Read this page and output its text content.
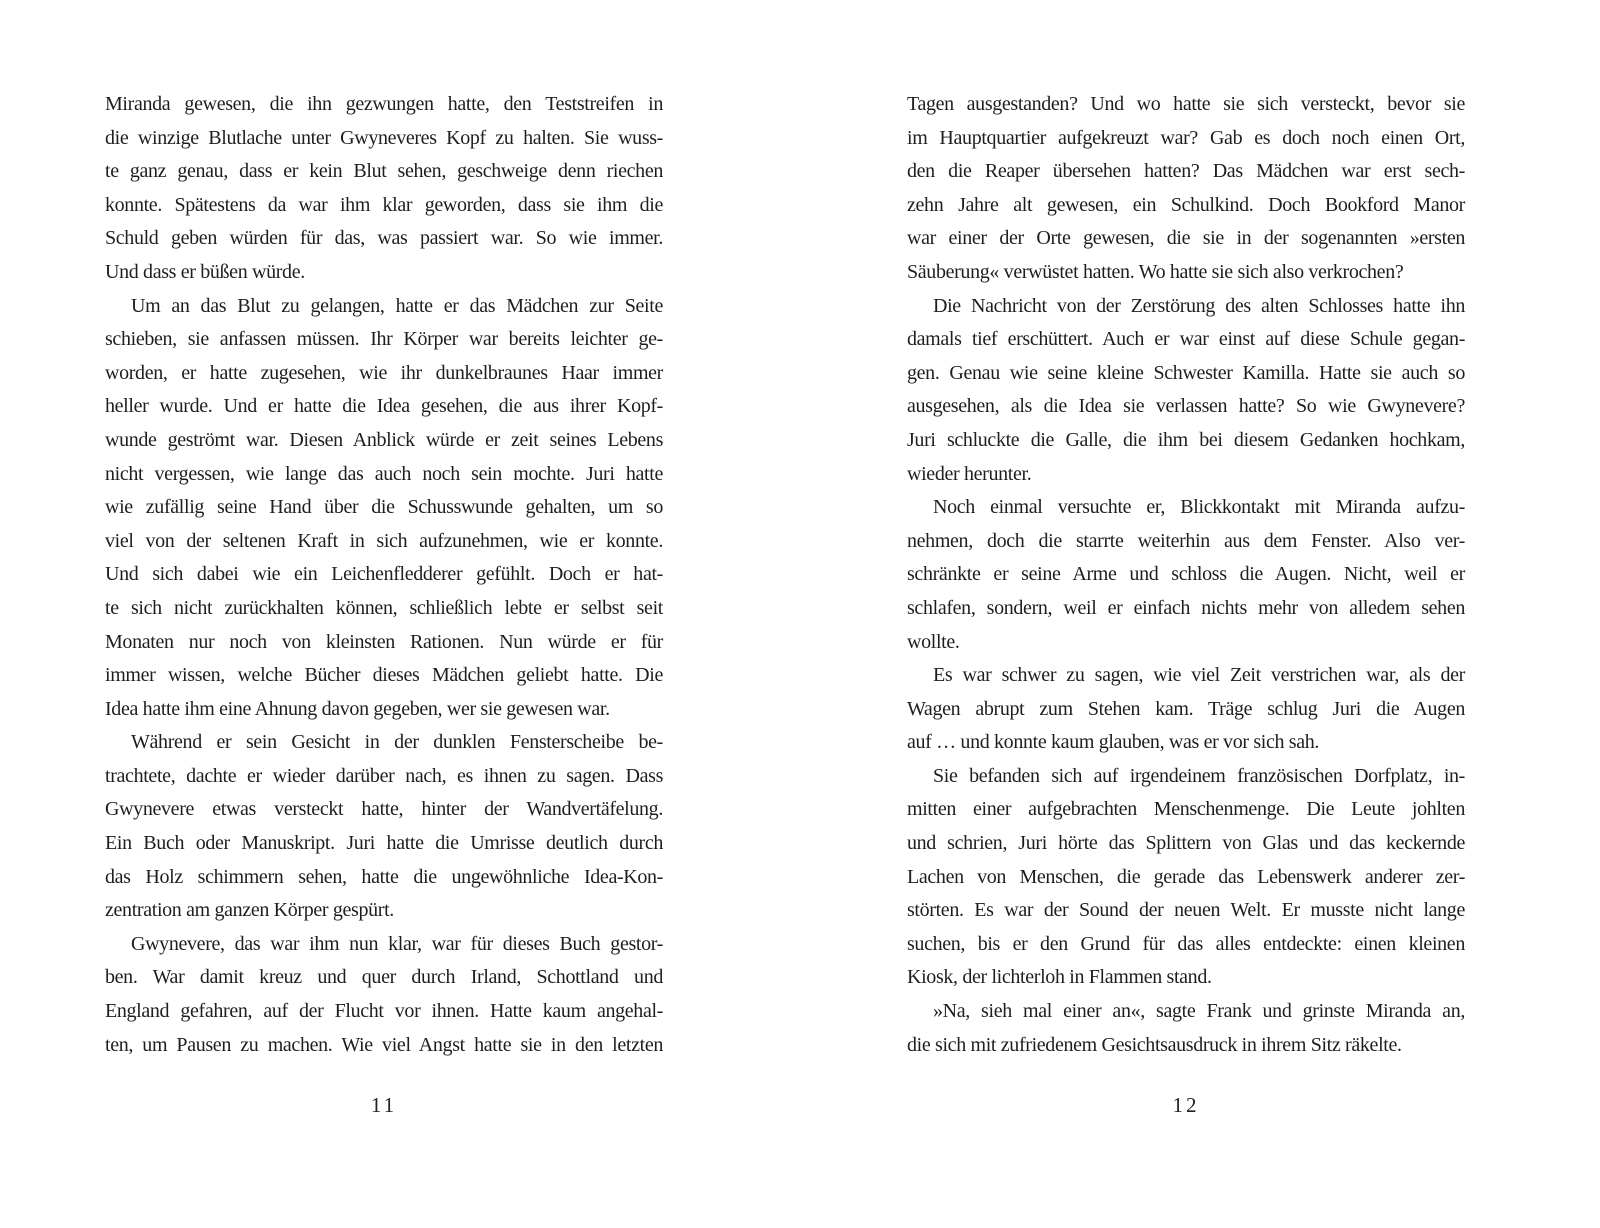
Miranda gewesen, die ihn gezwungen hatte, den Teststreifen in
die winzige Blutlache unter Gwyneveres Kopf zu halten. Sie wuss-
te ganz genau, dass er kein Blut sehen, geschweige denn riechen
konnte. Spätestens da war ihm klar geworden, dass sie ihm die
Schuld geben würden für das, was passiert war. So wie immer.
Und dass er büßen würde.
Um an das Blut zu gelangen, hatte er das Mädchen zur Seite
schieben, sie anfassen müssen. Ihr Körper war bereits leichter ge-
worden, er hatte zugesehen, wie ihr dunkelbraunes Haar immer
heller wurde. Und er hatte die Idea gesehen, die aus ihrer Kopf-
wunde geströmt war. Diesen Anblick würde er zeit seines Lebens
nicht vergessen, wie lange das auch noch sein mochte. Juri hatte
wie zufällig seine Hand über die Schusswunde gehalten, um so
viel von der seltenen Kraft in sich aufzunehmen, wie er konnte.
Und sich dabei wie ein Leichenfledderer gefühlt. Doch er hat-
te sich nicht zurückhalten können, schließlich lebte er selbst seit
Monaten nur noch von kleinsten Rationen. Nun würde er für
immer wissen, welche Bücher dieses Mädchen geliebt hatte. Die
Idea hatte ihm eine Ahnung davon gegeben, wer sie gewesen war.
Während er sein Gesicht in der dunklen Fensterscheibe be-
trachtete, dachte er wieder darüber nach, es ihnen zu sagen. Dass
Gwynevere etwas versteckt hatte, hinter der Wandvertäfelung.
Ein Buch oder Manuskript. Juri hatte die Umrisse deutlich durch
das Holz schimmern sehen, hatte die ungewöhnliche Idea-Kon-
zentration am ganzen Körper gespürt.
Gwynevere, das war ihm nun klar, war für dieses Buch gestor-
ben. War damit kreuz und quer durch Irland, Schottland und
England gefahren, auf der Flucht vor ihnen. Hatte kaum angehal-
ten, um Pausen zu machen. Wie viel Angst hatte sie in den letzten
11
Tagen ausgestanden? Und wo hatte sie sich versteckt, bevor sie
im Hauptquartier aufgekreuzt war? Gab es doch noch einen Ort,
den die Reaper übersehen hatten? Das Mädchen war erst sech-
zehn Jahre alt gewesen, ein Schulkind. Doch Bookford Manor
war einer der Orte gewesen, die sie in der sogenannten »ersten
Säuberung« verwüstet hatten. Wo hatte sie sich also verkrochen?
Die Nachricht von der Zerstörung des alten Schlosses hatte ihn
damals tief erschüttert. Auch er war einst auf diese Schule gegan-
gen. Genau wie seine kleine Schwester Kamilla. Hatte sie auch so
ausgesehen, als die Idea sie verlassen hatte? So wie Gwynevere?
Juri schluckte die Galle, die ihm bei diesem Gedanken hochkam,
wieder herunter.
Noch einmal versuchte er, Blickkontakt mit Miranda aufzu-
nehmen, doch die starrte weiterhin aus dem Fenster. Also ver-
schränkte er seine Arme und schloss die Augen. Nicht, weil er
schlafen, sondern, weil er einfach nichts mehr von alledem sehen
wollte.
Es war schwer zu sagen, wie viel Zeit verstrichen war, als der
Wagen abrupt zum Stehen kam. Träge schlug Juri die Augen
auf … und konnte kaum glauben, was er vor sich sah.
Sie befanden sich auf irgendeinem französischen Dorfplatz, in-
mitten einer aufgebrachten Menschenmenge. Die Leute johlten
und schrien, Juri hörte das Splittern von Glas und das keckernde
Lachen von Menschen, die gerade das Lebenswerk anderer zer-
störten. Es war der Sound der neuen Welt. Er musste nicht lange
suchen, bis er den Grund für das alles entdeckte: einen kleinen
Kiosk, der lichterloh in Flammen stand.
»Na, sieh mal einer an«, sagte Frank und grinste Miranda an,
die sich mit zufriedenem Gesichtsausdruck in ihrem Sitz räkelte.
12
